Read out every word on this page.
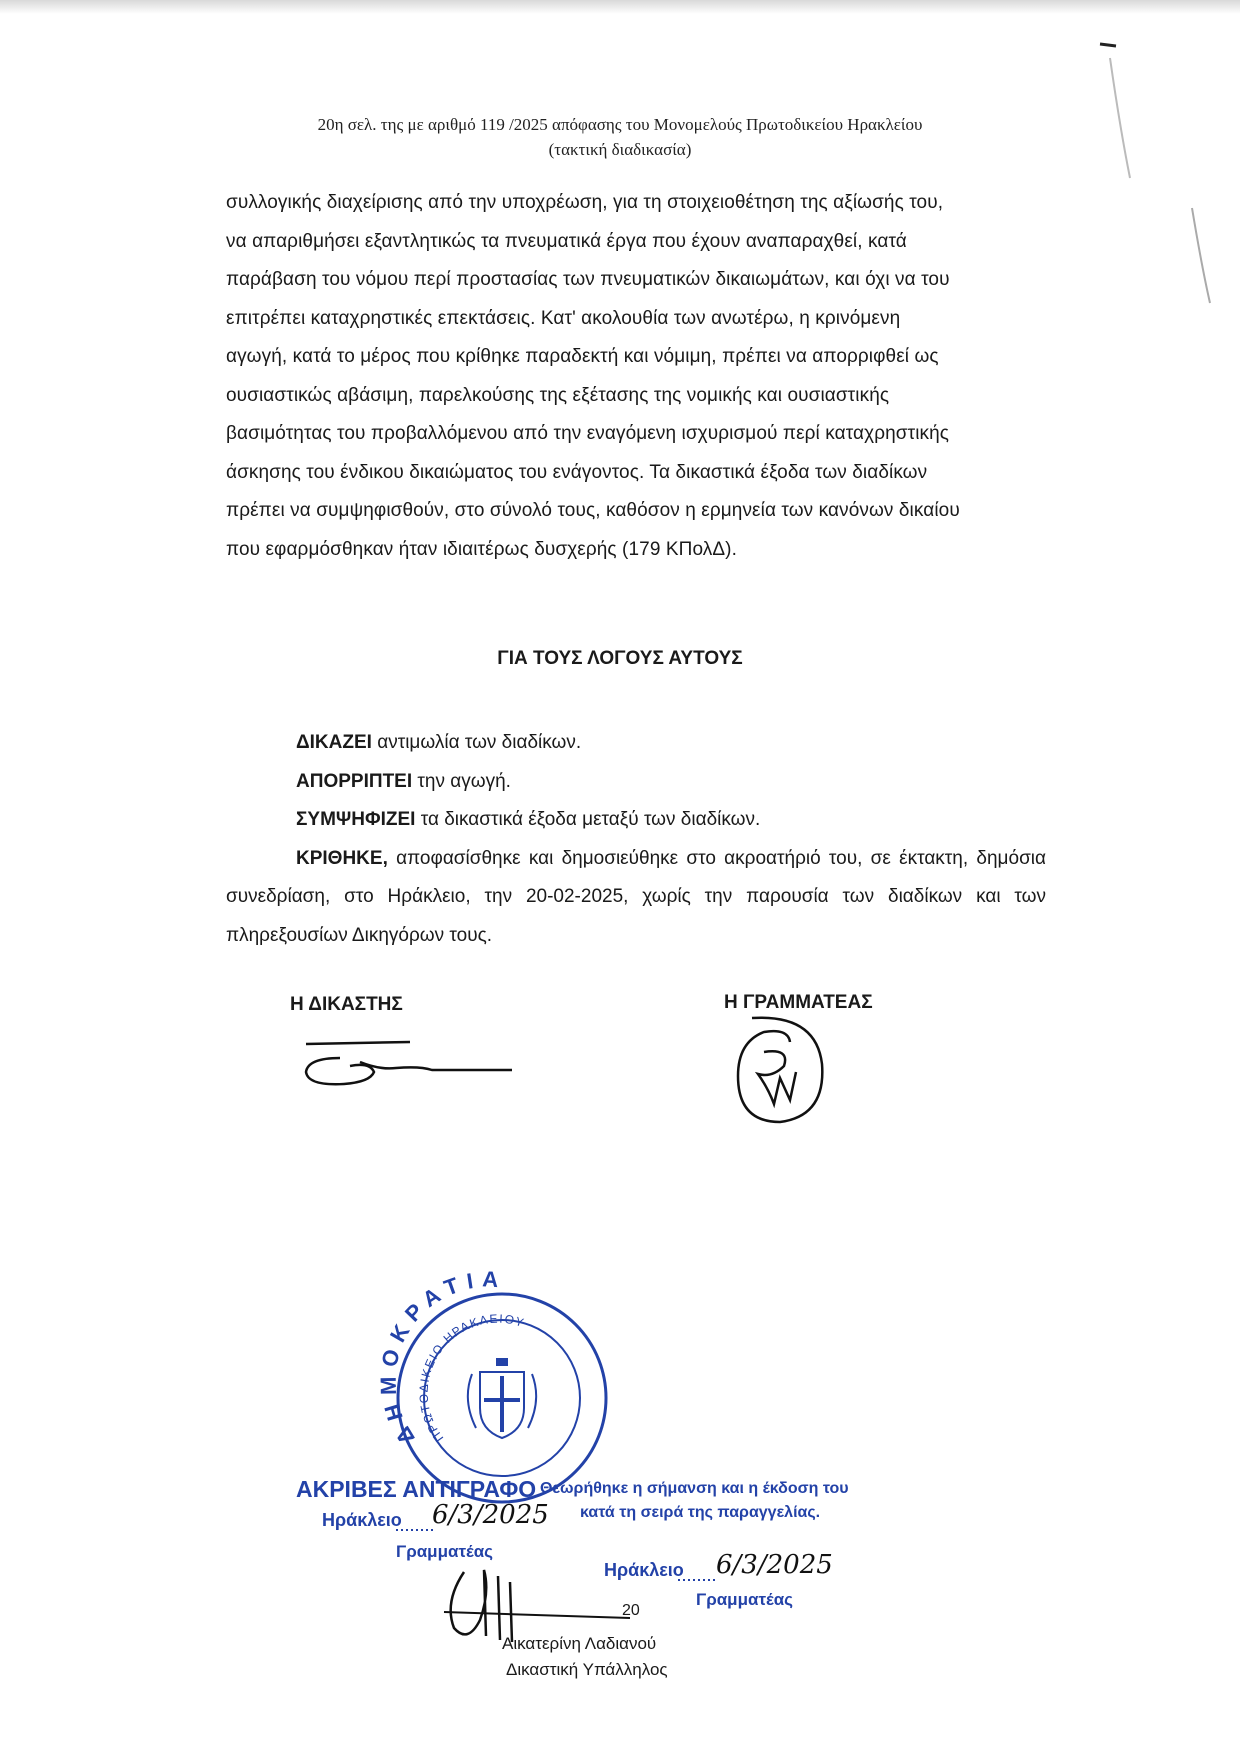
20η σελ. της με αριθμό 119 /2025 απόφασης του Μονομελούς Πρωτοδικείου Ηρακλείου
(τακτική διαδικασία)
συλλογικής διαχείρισης από την υποχρέωση, για τη στοιχειοθέτηση της αξίωσής του,
να απαριθμήσει εξαντλητικώς τα πνευματικά έργα που έχουν αναπαραχθεί, κατά
παράβαση του νόμου περί προστασίας των πνευματικών δικαιωμάτων, και όχι να του
επιτρέπει καταχρηστικές επεκτάσεις. Κατ' ακολουθία των ανωτέρω, η κρινόμενη
αγωγή, κατά το μέρος που κρίθηκε παραδεκτή και νόμιμη, πρέπει να απορριφθεί ως
ουσιαστικώς αβάσιμη, παρελκούσης της εξέτασης της νομικής και ουσιαστικής
βασιμότητας του προβαλλόμενου από την εναγόμενη ισχυρισμού περί καταχρηστικής
άσκησης του ένδικου δικαιώματος του ενάγοντος. Τα δικαστικά έξοδα των διαδίκων
πρέπει να συμψηφισθούν, στο σύνολό τους, καθόσον η ερμηνεία των κανόνων δικαίου
που εφαρμόσθηκαν ήταν ιδιαιτέρως δυσχερής (179 ΚΠολΔ).
ΓΙΑ ΤΟΥΣ ΛΟΓΟΥΣ ΑΥΤΟΥΣ

ΔΙΚΑΖΕΙ αντιμωλία των διαδίκων.

ΑΠΟΡΡΙΠΤΕΙ την αγωγή.

ΣΥΜΨΗΦΙΖΕΙ τα δικαστικά έξοδα μεταξύ των διαδίκων.

ΚΡΙΘΗΚΕ, αποφασίσθηκε και δημοσιεύθηκε στο ακροατήριό του, σε έκτακτη, δημόσια συνεδρίαση, στο Ηράκλειο, την 20-02-2025, χωρίς την παρουσία των διαδίκων και των πληρεξουσίων Δικηγόρων τους.

Η ΔΙΚΑΣΤΗΣ	Η ΓΡΑΜΜΑΤΕΑΣ
ΔΗΜΟΚΡΑΤΙΑ
ΠΡΩΤΟΔΙΚΕΙΟ ΗΡΑΚΛΕΙΟΥ
ΑΚΡΙΒΕΣ ΑΝΤΙΓΡΑΦΟ Θεωρήθηκε η σήμανση και η έκδοση του
κατά τη σειρά της παραγγελίας.
Ηράκλειο 6/3/2025
Γραμματέας
Ηράκλειο 6/3/2025
Γραμματέας
20
Αικατερίνη Λαδιανού
Δικαστική Υπάλληλος
